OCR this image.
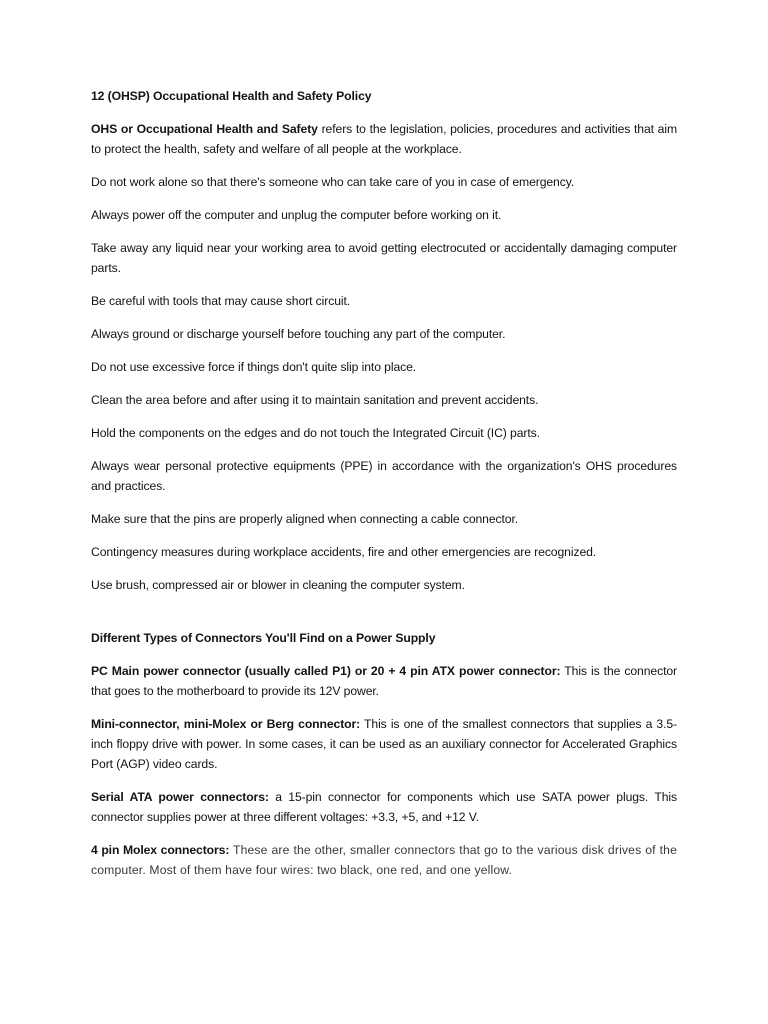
12 (OHSP) Occupational Health and Safety Policy

OHS or Occupational Health and Safety refers to the legislation, policies, procedures and activities that aim to protect the health, safety and welfare of all people at the workplace.

Do not work alone so that there's someone who can take care of you in case of emergency.

Always power off the computer and unplug the computer before working on it.

Take away any liquid near your working area to avoid getting electrocuted or accidentally damaging computer parts.

Be careful with tools that may cause short circuit.

Always ground or discharge yourself before touching any part of the computer.

Do not use excessive force if things don't quite slip into place.

Clean the area before and after using it to maintain sanitation and prevent accidents.

Hold the components on the edges and do not touch the Integrated Circuit (IC) parts.

Always wear personal protective equipments (PPE) in accordance with the organization's OHS procedures and practices.

Make sure that the pins are properly aligned when connecting a cable connector.

Contingency measures during workplace accidents, fire and other emergencies are recognized.

Use brush, compressed air or blower in cleaning the computer system.

Different Types of Connectors You'll Find on a Power Supply

PC Main power connector (usually called P1) or 20 + 4 pin ATX power connector: This is the connector that goes to the motherboard to provide its 12V power.

Mini-connector, mini-Molex or Berg connector: This is one of the smallest connectors that supplies a 3.5-inch floppy drive with power. In some cases, it can be used as an auxiliary connector for Accelerated Graphics Port (AGP) video cards.

Serial ATA power connectors: a 15-pin connector for components which use SATA power plugs. This connector supplies power at three different voltages: +3.3, +5, and +12 V.

4 pin Molex connectors: These are the other, smaller connectors that go to the various disk drives of the computer. Most of them have four wires: two black, one red, and one yellow.
